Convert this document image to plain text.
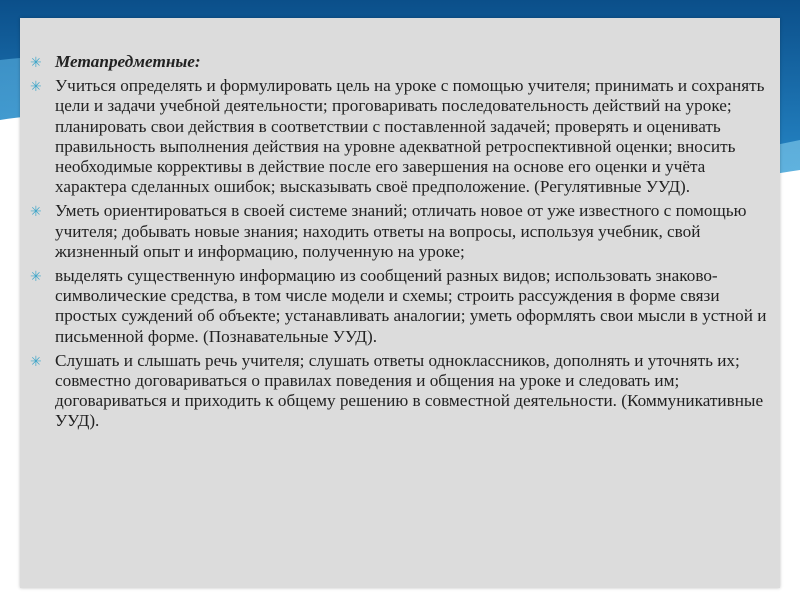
✳ Метапредметные:
✳ Учиться определять и формулировать цель на уроке с помощью учителя; принимать и сохранять цели и задачи учебной деятельности; проговаривать последовательность действий на уроке; планировать свои действия в соответствии с поставленной задачей; проверять и оценивать правильность выполнения действия на уровне адекватной ретроспективной оценки; вносить необходимые коррективы в действие после его завершения на основе его оценки и учёта характера сделанных ошибок; высказывать своё предположение. (Регулятивные УУД).
✳ Уметь ориентироваться в своей системе знаний; отличать новое от уже известного с помощью учителя; добывать новые знания; находить ответы на вопросы, используя учебник, свой жизненный опыт и информацию, полученную на уроке;
✳ выделять существенную информацию из сообщений разных видов; использовать знаково-символические средства, в том числе модели и схемы; строить рассуждения в форме связи простых суждений об объекте; устанавливать аналогии; уметь оформлять свои мысли в устной и письменной форме. (Познавательные УУД).
✳ Слушать и слышать речь учителя; слушать ответы одноклассников, дополнять и уточнять их; совместно договариваться о правилах поведения и общения на уроке и следовать им; договариваться и приходить к общему решению в совместной деятельности. (Коммуникативные УУД).
